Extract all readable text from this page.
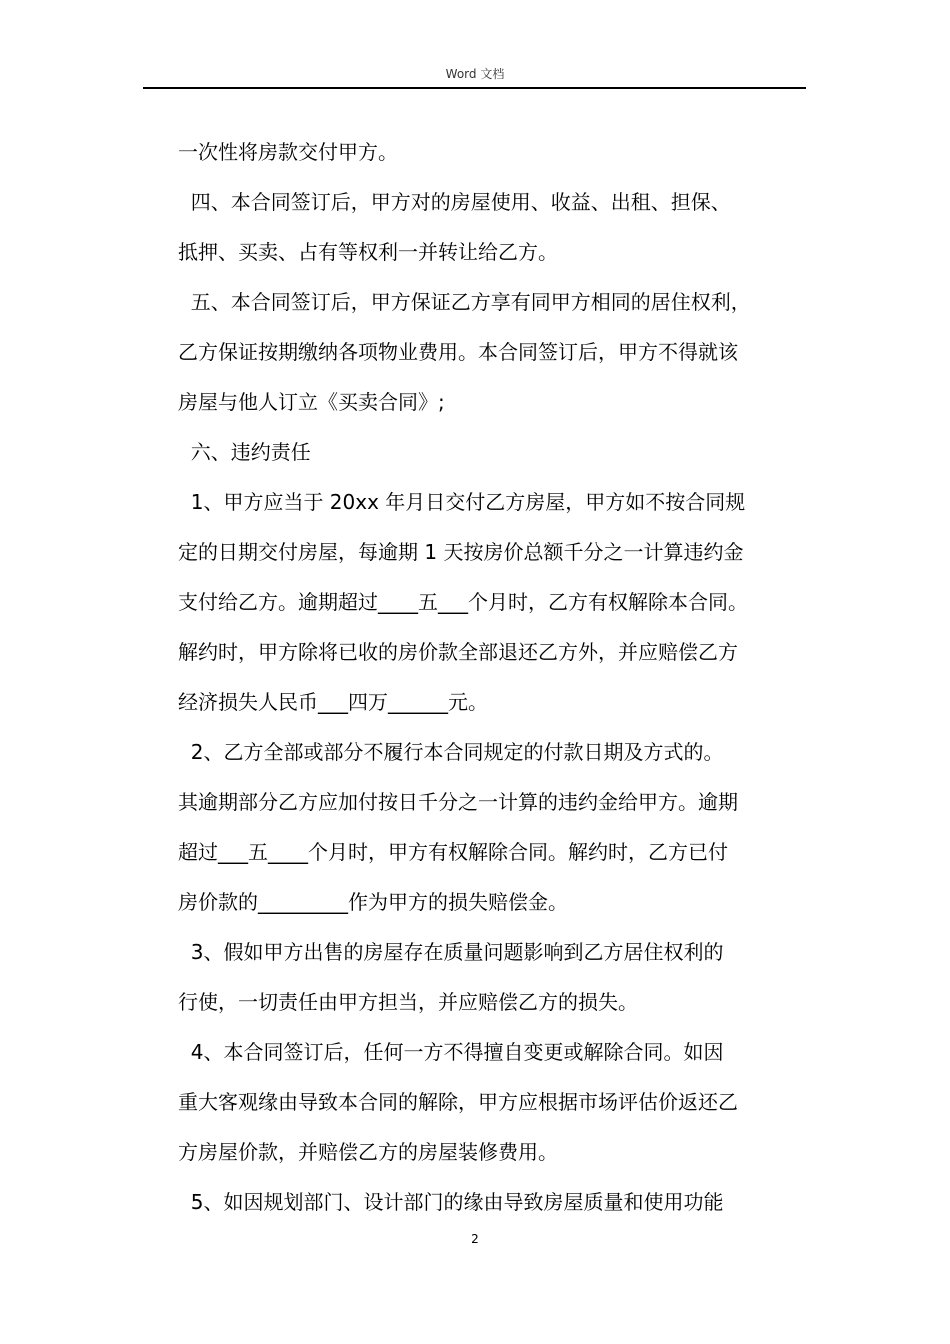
Word 文档
一次性将房款交付甲方。
四、本合同签订后，甲方对的房屋使用、收益、出租、担保、
抵押、买卖、占有等权利一并转让给乙方。
五、本合同签订后，甲方保证乙方享有同甲方相同的居住权利，
乙方保证按期缴纳各项物业费用。本合同签订后，甲方不得就该
房屋与他人订立《买卖合同》;
六、违约责任
1、甲方应当于 20xx 年月日交付乙方房屋，甲方如不按合同规
定的日期交付房屋，每逾期 1 天按房价总额千分之一计算违约金
支付给乙方。逾期超过____五___个月时，乙方有权解除本合同。
解约时，甲方除将已收的房价款全部退还乙方外，并应赔偿乙方
经济损失人民币___四万______元。
2、乙方全部或部分不履行本合同规定的付款日期及方式的。
其逾期部分乙方应加付按日千分之一计算的违约金给甲方。逾期
超过___五____个月时，甲方有权解除合同。解约时，乙方已付
房价款的_________作为甲方的损失赔偿金。
3、假如甲方出售的房屋存在质量问题影响到乙方居住权利的
行使，一切责任由甲方担当，并应赔偿乙方的损失。
4、本合同签订后，任何一方不得擅自变更或解除合同。如因
重大客观缘由导致本合同的解除，甲方应根据市场评估价返还乙
方房屋价款，并赔偿乙方的房屋装修费用。
5、如因规划部门、设计部门的缘由导致房屋质量和使用功能
2
